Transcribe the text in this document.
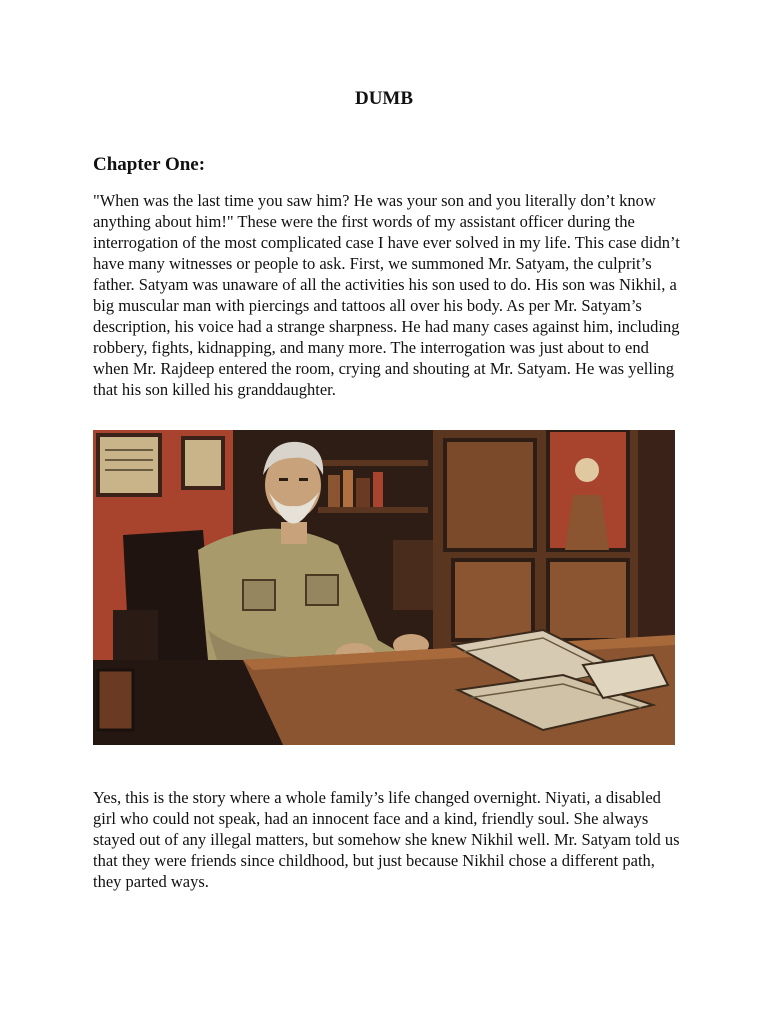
DUMB
Chapter One:

"When was the last time you saw him? He was your son and you literally don’t know anything about him!" These were the first words of my assistant officer during the interrogation of the most complicated case I have ever solved in my life. This case didn’t have many witnesses or people to ask. First, we summoned Mr. Satyam, the culprit’s father. Satyam was unaware of all the activities his son used to do. His son was Nikhil, a big muscular man with piercings and tattoos all over his body. As per Mr. Satyam’s description, his voice had a strange sharpness. He had many cases against him, including robbery, fights, kidnapping, and many more. The interrogation was just about to end when Mr. Rajdeep entered the room, crying and shouting at Mr. Satyam. He was yelling that his son killed his granddaughter.

Yes, this is the story where a whole family’s life changed overnight. Niyati, a disabled girl who could not speak, had an innocent face and a kind, friendly soul. She always stayed out of any illegal matters, but somehow she knew Nikhil well. Mr. Satyam told us that they were friends since childhood, but just because Nikhil chose a different path, they parted ways.
